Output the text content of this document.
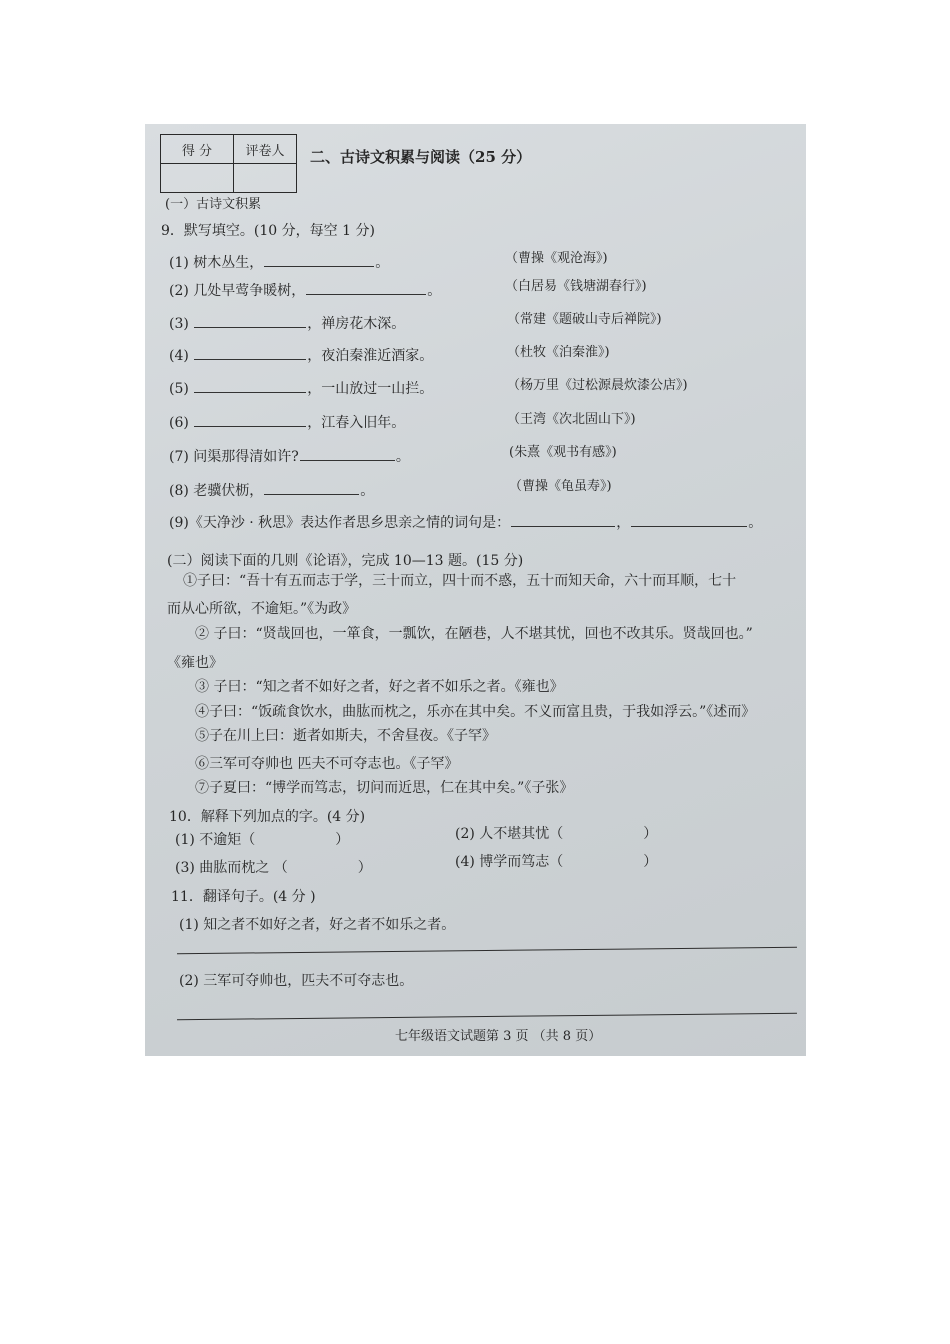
得 分	评卷人
	二、古诗文积累与阅读（25 分）
(一）古诗文积累
9．默写填空。(10 分，每空 1 分)
(1) 树木丛生，	。	（曹操《观沧海》)
(2) 几处早莺争暖树，	。	（白居易《钱塘湖春行》)
(3)	，禅房花木深。	（常建《题破山寺后禅院》)
(4)	，夜泊秦淮近酒家。	（杜牧《泊秦淮》)
(5)	，一山放过一山拦。	（杨万里《过松源晨炊漆公店》)
(6)	，江春入旧年。	（王湾《次北固山下》)
(7) 问渠那得清如许?	。	(朱熹《观书有感》)
(8) 老骥伏枥，	。	（曹操《龟虽寿》)
(9)《天净沙 · 秋思》表达作者思乡思亲之情的词句是：	，	。
(二）阅读下面的几则《论语》，完成 10—13 题。(15 分)
①子曰：“吾十有五而志于学，三十而立，四十而不惑，五十而知天命，六十而耳顺，七十
而从心所欲，不逾矩。”《为政》
② 子曰：“贤哉回也，一箪食，一瓢饮，在陋巷，人不堪其忧，回也不改其乐。贤哉回也。”
《雍也》
③ 子曰：“知之者不如好之者，好之者不如乐之者。《雍也》
④子曰：“饭疏食饮水，曲肱而枕之，乐亦在其中矣。不义而富且贵，于我如浮云。”《述而》
⑤子在川上曰：逝者如斯夫，不舍昼夜。《子罕》
⑥三军可夺帅也 匹夫不可夺志也。《子罕》
⑦子夏曰：“博学而笃志，切问而近思，仁在其中矣。”《子张》
10．解释下列加点的字。(4 分)
(1) 不逾矩（	）	(2) 人不堪其忧（	）
(3) 曲肱而枕之 （	）	(4) 博学而笃志（	）
11．翻译句子。(4 分 )
(1) 知之者不如好之者，好之者不如乐之者。
(2) 三军可夺帅也，匹夫不可夺志也。
七年级语文试题第 3 页 （共 8 页）
